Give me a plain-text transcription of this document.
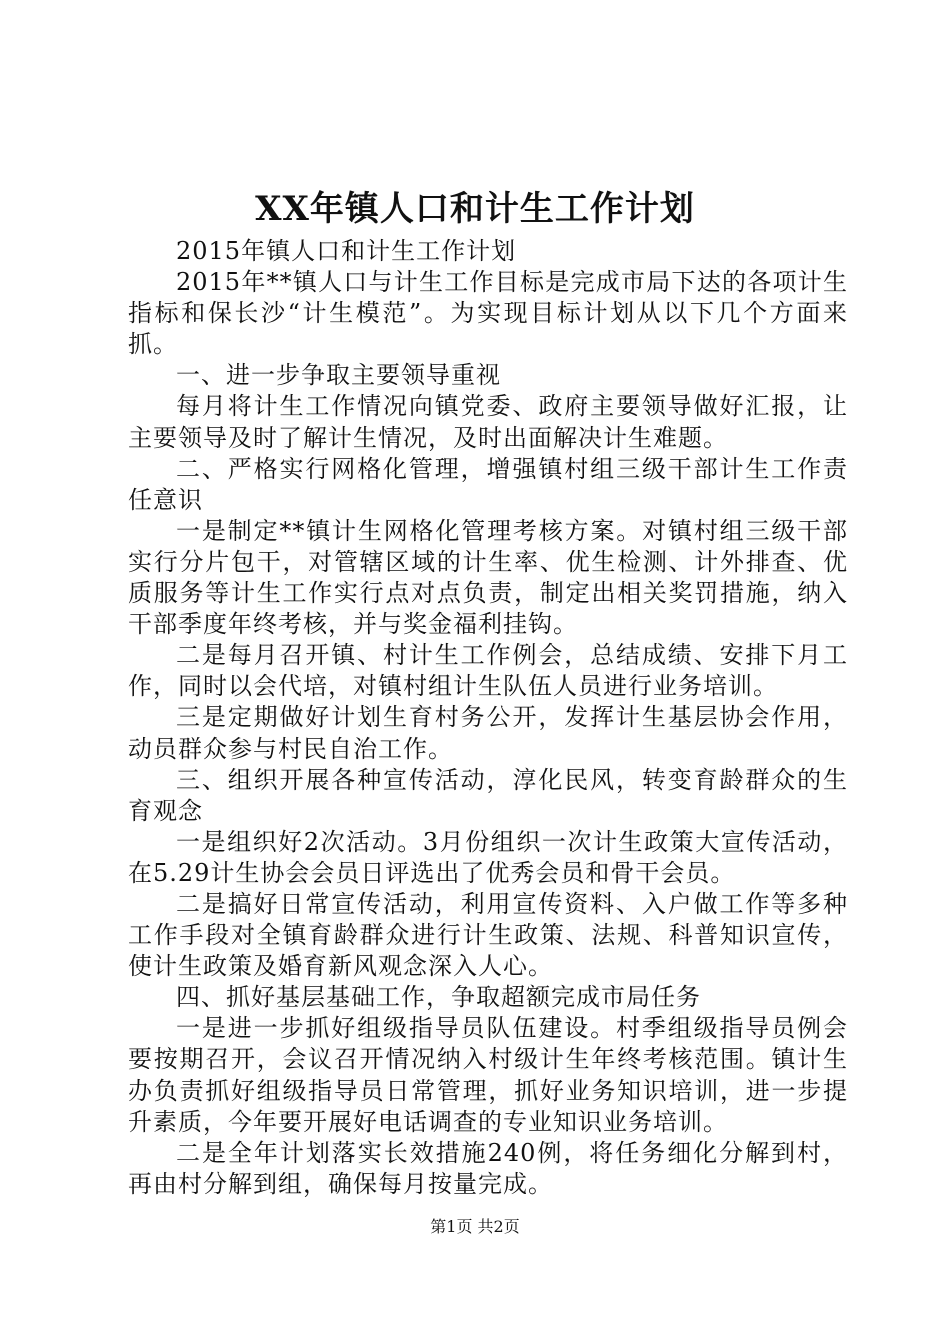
XX年镇人口和计生工作计划

2015年镇人口和计生工作计划

2015年**镇人口与计生工作目标是完成市局下达的各项计生指标和保长沙“计生模范”。为实现目标计划从以下几个方面来抓。

一、进一步争取主要领导重视

每月将计生工作情况向镇党委、政府主要领导做好汇报，让主要领导及时了解计生情况，及时出面解决计生难题。

二、严格实行网格化管理，增强镇村组三级干部计生工作责任意识

一是制定**镇计生网格化管理考核方案。对镇村组三级干部实行分片包干，对管辖区域的计生率、优生检测、计外排查、优质服务等计生工作实行点对点负责，制定出相关奖罚措施，纳入干部季度年终考核，并与奖金福利挂钩。

二是每月召开镇、村计生工作例会，总结成绩、安排下月工作，同时以会代培，对镇村组计生队伍人员进行业务培训。

三是定期做好计划生育村务公开，发挥计生基层协会作用，动员群众参与村民自治工作。

三、组织开展各种宣传活动，淳化民风，转变育龄群众的生育观念

一是组织好2次活动。3月份组织一次计生政策大宣传活动，在5.29计生协会会员日评选出了优秀会员和骨干会员。

二是搞好日常宣传活动，利用宣传资料、入户做工作等多种工作手段对全镇育龄群众进行计生政策、法规、科普知识宣传，使计生政策及婚育新风观念深入人心。

四、抓好基层基础工作，争取超额完成市局任务

一是进一步抓好组级指导员队伍建设。村季组级指导员例会要按期召开，会议召开情况纳入村级计生年终考核范围。镇计生办负责抓好组级指导员日常管理，抓好业务知识培训，进一步提升素质，今年要开展好电话调查的专业知识业务培训。

二是全年计划落实长效措施240例，将任务细化分解到村，再由村分解到组，确保每月按量完成。

第1页 共2页
